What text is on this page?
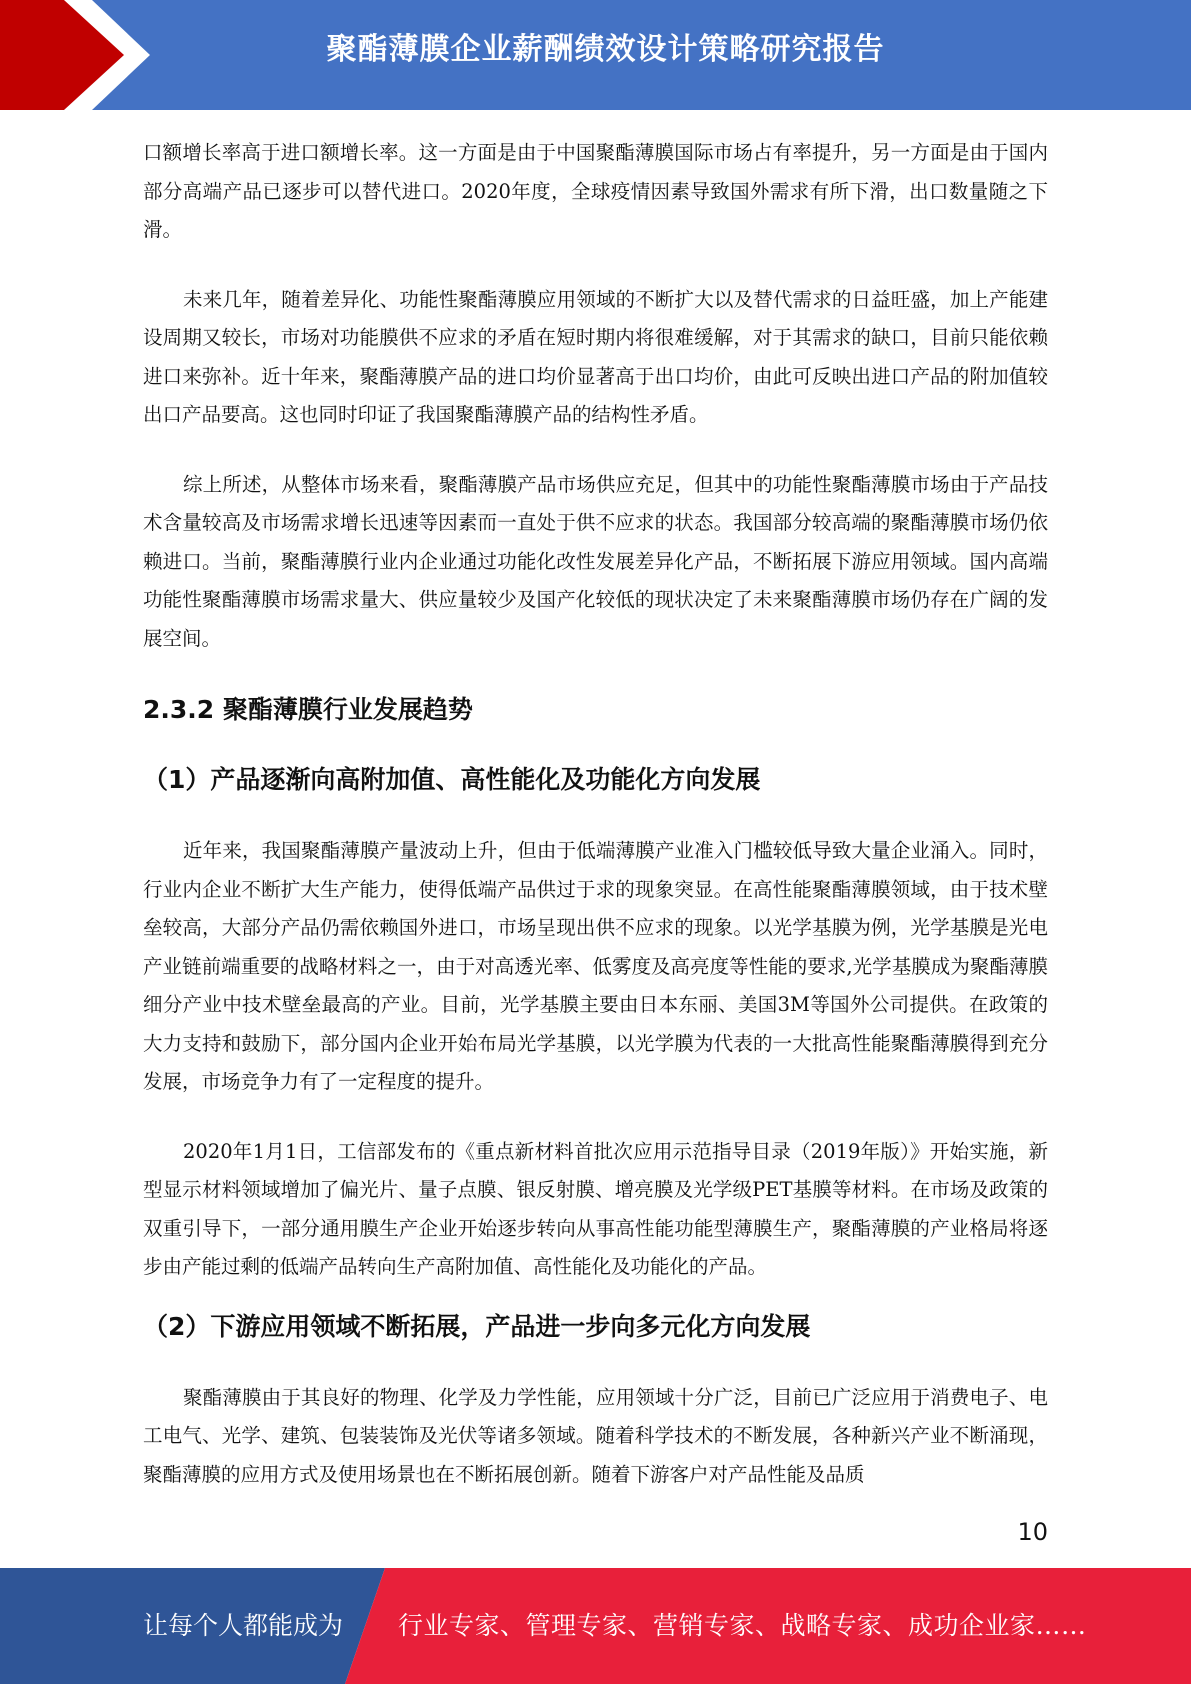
聚酯薄膜企业薪酬绩效设计策略研究报告

口额增长率高于进口额增长率。这一方面是由于中国聚酯薄膜国际市场占有率提升，另一方面是由于国内部分高端产品已逐步可以替代进口。2020年度，全球疫情因素导致国外需求有所下滑，出口数量随之下滑。

未来几年，随着差异化、功能性聚酯薄膜应用领域的不断扩大以及替代需求的日益旺盛，加上产能建设周期又较长，市场对功能膜供不应求的矛盾在短时期内将很难缓解，对于其需求的缺口，目前只能依赖进口来弥补。近十年来，聚酯薄膜产品的进口均价显著高于出口均价，由此可反映出进口产品的附加值较出口产品要高。这也同时印证了我国聚酯薄膜产品的结构性矛盾。

综上所述，从整体市场来看，聚酯薄膜产品市场供应充足，但其中的功能性聚酯薄膜市场由于产品技术含量较高及市场需求增长迅速等因素而一直处于供不应求的状态。我国部分较高端的聚酯薄膜市场仍依赖进口。当前，聚酯薄膜行业内企业通过功能化改性发展差异化产品，不断拓展下游应用领域。国内高端功能性聚酯薄膜市场需求量大、供应量较少及国产化较低的现状决定了未来聚酯薄膜市场仍存在广阔的发展空间。

2.3.2 聚酯薄膜行业发展趋势
（1）产品逐渐向高附加值、高性能化及功能化方向发展

近年来，我国聚酯薄膜产量波动上升，但由于低端薄膜产业准入门槛较低导致大量企业涌入。同时，行业内企业不断扩大生产能力，使得低端产品供过于求的现象突显。在高性能聚酯薄膜领域，由于技术壁垒较高，大部分产品仍需依赖国外进口，市场呈现出供不应求的现象。以光学基膜为例，光学基膜是光电产业链前端重要的战略材料之一，由于对高透光率、低雾度及高亮度等性能的要求,光学基膜成为聚酯薄膜细分产业中技术壁垒最高的产业。目前，光学基膜主要由日本东丽、美国3M等国外公司提供。在政策的大力支持和鼓励下，部分国内企业开始布局光学基膜，以光学膜为代表的一大批高性能聚酯薄膜得到充分发展，市场竞争力有了一定程度的提升。

2020年1月1日，工信部发布的《重点新材料首批次应用示范指导目录（2019年版）》开始实施，新型显示材料领域增加了偏光片、量子点膜、银反射膜、增亮膜及光学级PET基膜等材料。在市场及政策的双重引导下，一部分通用膜生产企业开始逐步转向从事高性能功能型薄膜生产，聚酯薄膜的产业格局将逐步由产能过剩的低端产品转向生产高附加值、高性能化及功能化的产品。

（2）下游应用领域不断拓展，产品进一步向多元化方向发展

聚酯薄膜由于其良好的物理、化学及力学性能，应用领域十分广泛，目前已广泛应用于消费电子、电工电气、光学、建筑、包装装饰及光伏等诸多领域。随着科学技术的不断发展，各种新兴产业不断涌现，聚酯薄膜的应用方式及使用场景也在不断拓展创新。随着下游客户对产品性能及品质

10
让每个人都能成为 行业专家、管理专家、营销专家、战略专家、成功企业家……
